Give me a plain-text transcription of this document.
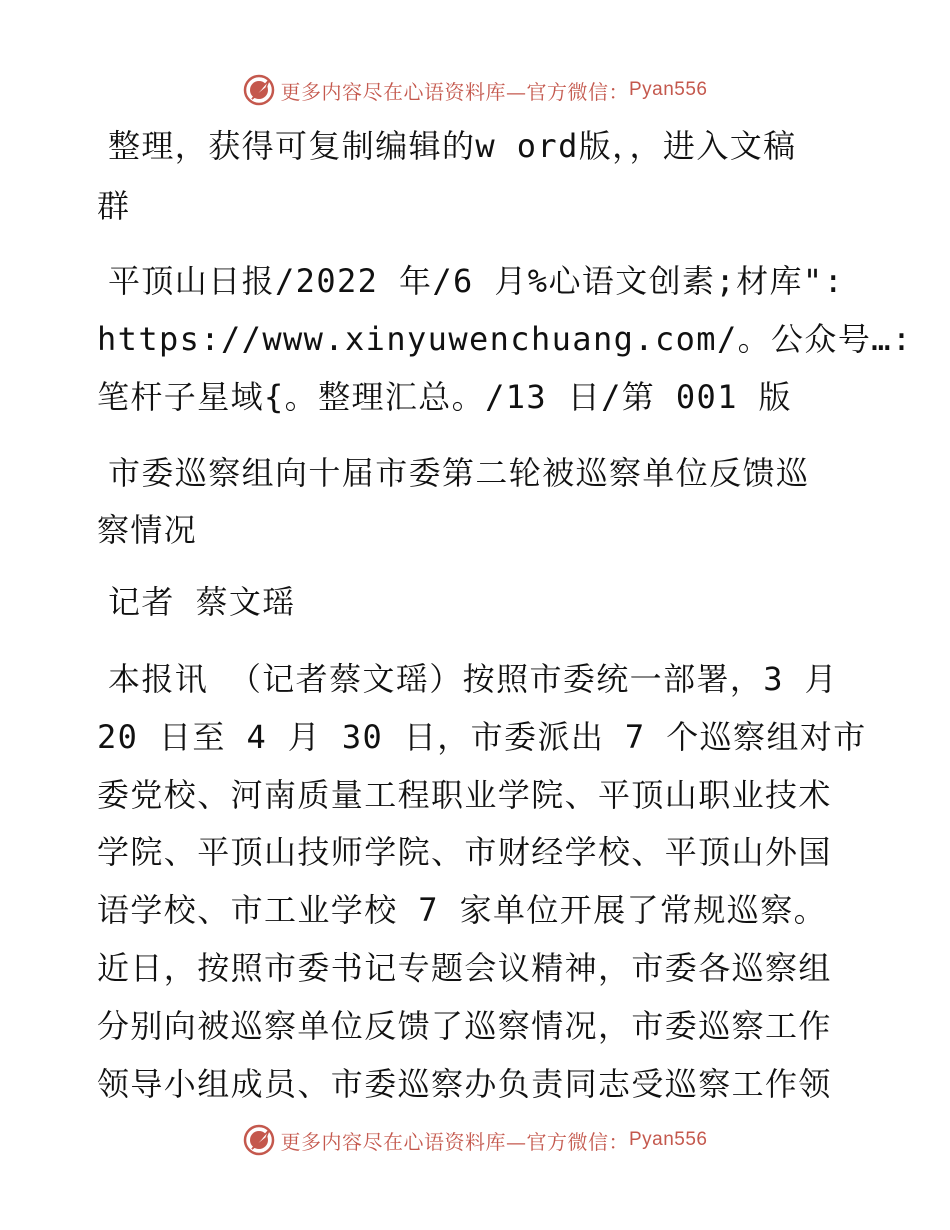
更多内容尽在心语资料库—官方微信： Pyan556
整理，获得可复制编辑的w ord版，，进入文稿
群
平顶山日报/2022 年/6 月%心语文创素;材库":
https://www.xinyuwenchuang.com/。公众号…:
笔杆子星域{。整理汇总。/13 日/第 001 版
市委巡察组向十届市委第二轮被巡察单位反馈巡
察情况
记者 蔡文瑶
本报讯 （记者蔡文瑶）按照市委统一部署，3 月
20 日至 4 月 30 日，市委派出 7 个巡察组对市
委党校、河南质量工程职业学院、平顶山职业技术
学院、平顶山技师学院、市财经学校、平顶山外国
语学校、市工业学校 7 家单位开展了常规巡察。
近日，按照市委书记专题会议精神，市委各巡察组
分别向被巡察单位反馈了巡察情况，市委巡察工作
领导小组成员、市委巡察办负责同志受巡察工作领
更多内容尽在心语资料库—官方微信： Pyan556
